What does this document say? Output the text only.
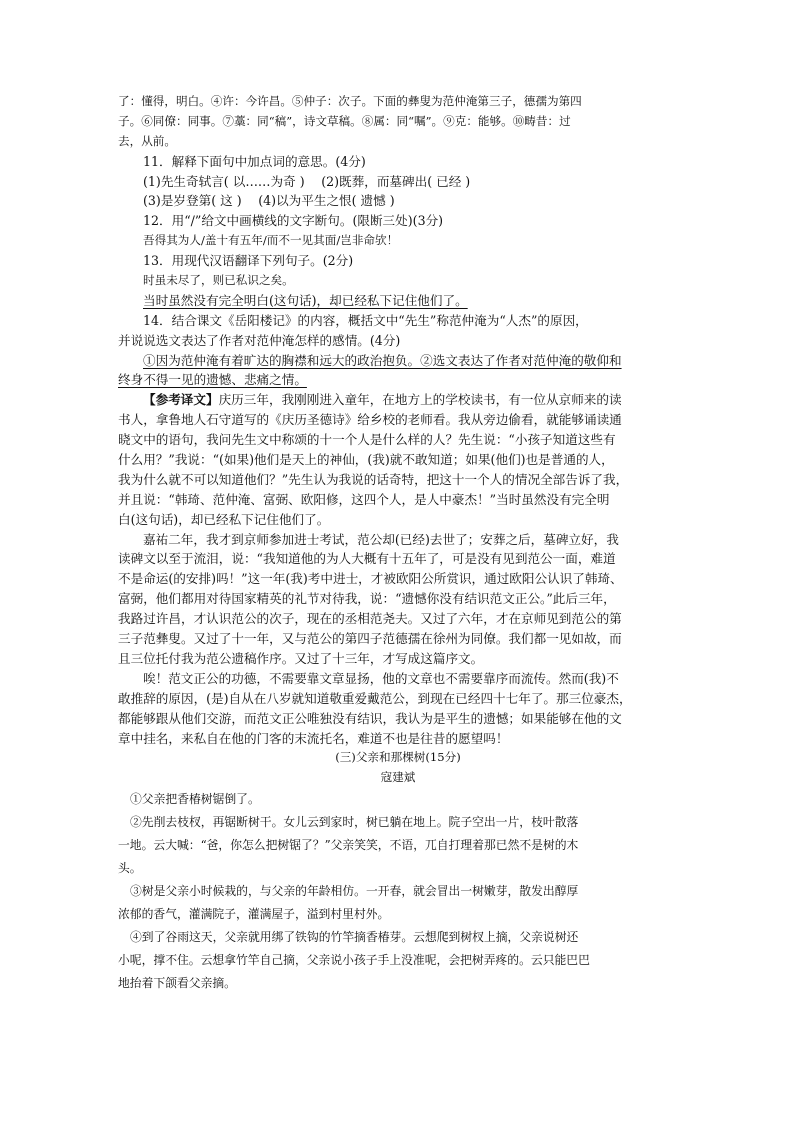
了：懂得，明白。④许：今许昌。⑤仲子：次子。下面的彝叟为范仲淹第三子，德孺为第四
子。⑥同僚：同事。⑦藁：同“稿”，诗文草稿。⑧属：同“嘱”。⑨克：能够。⑩畴昔：过
去，从前。
11．解释下面句中加点词的意思。(4分)
(1)先生奇轼言( 以……为奇 )　 (2)既葬，而墓碑出( 已经 )
(3)是岁登第( 这 )　 (4)以为平生之恨( 遗憾 )
12．用“/”给文中画横线的文字断句。(限断三处)(3分)
吾得其为人/盖十有五年/而不一见其面/岂非命欤！
13．用现代汉语翻译下列句子。(2分)
时虽未尽了，则已私识之矣。
当时虽然没有完全明白(这句话)，却已经私下记住他们了。
14．结合课文《岳阳楼记》的内容，概括文中“先生”称范仲淹为“人杰”的原因，
并说说选文表达了作者对范仲淹怎样的感情。(4分)
①因为范仲淹有着旷达的胸襟和远大的政治抱负。②选文表达了作者对范仲淹的敬仰和
终身不得一见的遗憾、悲痛之情。
【参考译文】庆历三年，我刚刚进入童年，在地方上的学校读书，有一位从京师来的读
书人，拿鲁地人石守道写的《庆历圣德诗》给乡校的老师看。我从旁边偷看，就能够诵读通
晓文中的语句，我问先生文中称颂的十一个人是什么样的人？先生说：“小孩子知道这些有
什么用？”我说：“(如果)他们是天上的神仙，(我)就不敢知道；如果(他们)也是普通的人，
我为什么就不可以知道他们？”先生认为我说的话奇特，把这十一个人的情况全部告诉了我，
并且说：“韩琦、范仲淹、富弼、欧阳修，这四个人，是人中豪杰！”当时虽然没有完全明
白(这句话)，却已经私下记住他们了。
嘉祐二年，我才到京师参加进士考试，范公却(已经)去世了；安葬之后，墓碑立好，我
读碑文以至于流泪，说：“我知道他的为人大概有十五年了，可是没有见到范公一面，难道
不是命运(的安排)吗！”这一年(我)考中进士，才被欧阳公所赏识，通过欧阳公认识了韩琦、
富弼，他们都用对待国家精英的礼节对待我，说：“遗憾你没有结识范文正公。”此后三年，
我路过许昌，才认识范公的次子，现在的丞相范尧夫。又过了六年，才在京师见到范公的第
三子范彝叟。又过了十一年，又与范公的第四子范德孺在徐州为同僚。我们都一见如故，而
且三位托付我为范公遗稿作序。又过了十三年，才写成这篇序文。
唉！范文正公的功德，不需要靠文章显扬，他的文章也不需要靠序而流传。然而(我)不
敢推辞的原因，(是)自从在八岁就知道敬重爱戴范公，到现在已经四十七年了。那三位豪杰，
都能够跟从他们交游，而范文正公唯独没有结识，我认为是平生的遗憾；如果能够在他的文
章中挂名，来私自在他的门客的末流托名，难道不也是往昔的愿望吗！
(三)父亲和那棵树(15分)
寇建斌
①父亲把香椿树锯倒了。
②先削去枝杈，再锯断树干。女儿云到家时，树已躺在地上。院子空出一片，枝叶散落
一地。云大喊：“爸，你怎么把树锯了？”父亲笑笑，不语，兀自打理着那已然不是树的木
头。
③树是父亲小时候栽的，与父亲的年龄相仿。一开春，就会冒出一树嫩芽，散发出醇厚
浓郁的香气，灌满院子，灌满屋子，溢到村里村外。
④到了谷雨这天，父亲就用绑了铁钩的竹竿摘香椿芽。云想爬到树杈上摘，父亲说树还
小呢，撑不住。云想拿竹竿自己摘，父亲说小孩子手上没准呢，会把树弄疼的。云只能巴巴
地抬着下颌看父亲摘。
